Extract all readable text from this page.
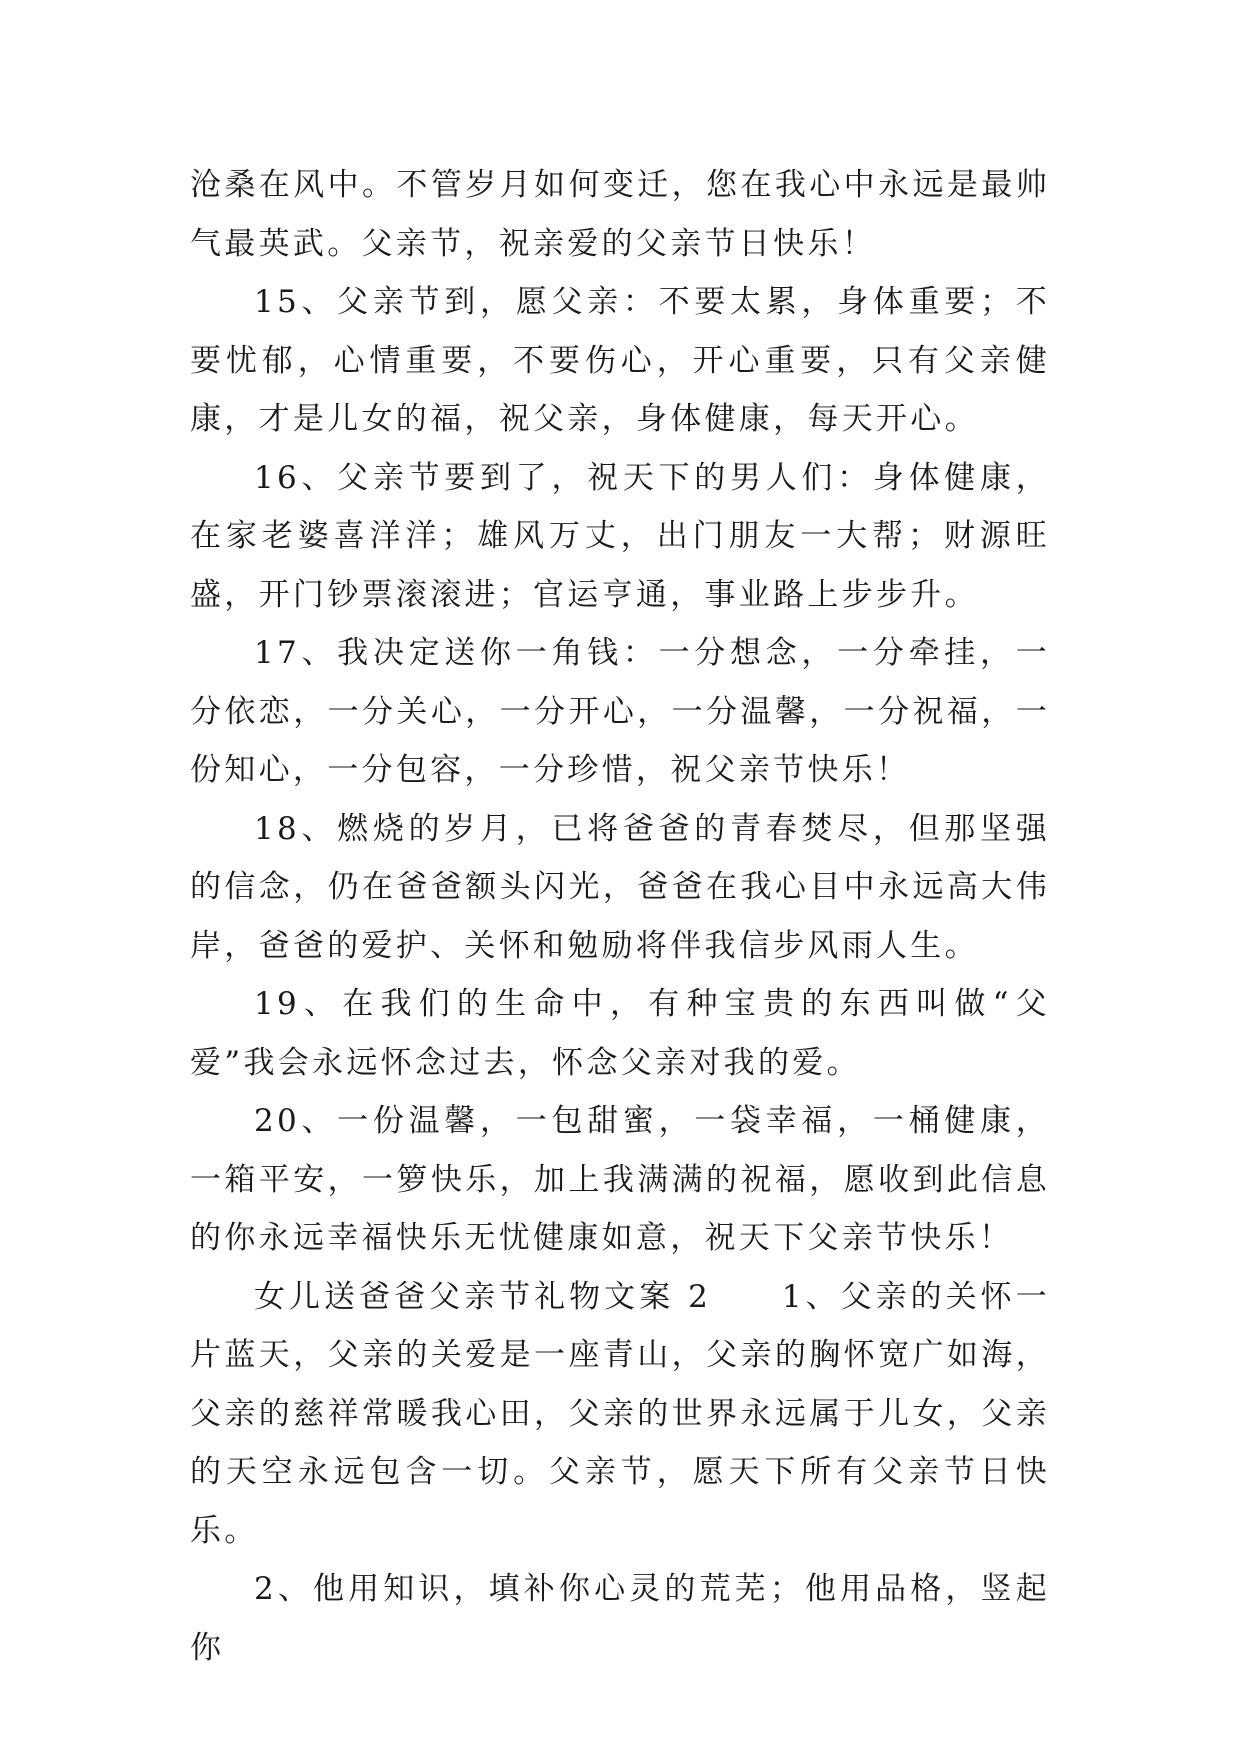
沧桑在风中。不管岁月如何变迁，您在我心中永远是最帅气最英武。父亲节，祝亲爱的父亲节日快乐！

15、父亲节到，愿父亲：不要太累，身体重要；不要忧郁，心情重要，不要伤心，开心重要，只有父亲健康，才是儿女的福，祝父亲，身体健康，每天开心。

16、父亲节要到了，祝天下的男人们：身体健康，在家老婆喜洋洋；雄风万丈，出门朋友一大帮；财源旺盛，开门钞票滚滚进；官运亨通，事业路上步步升。

17、我决定送你一角钱：一分想念，一分牵挂，一分依恋，一分关心，一分开心，一分温馨，一分祝福，一份知心，一分包容，一分珍惜，祝父亲节快乐！

18、燃烧的岁月，已将爸爸的青春焚尽，但那坚强的信念，仍在爸爸额头闪光，爸爸在我心目中永远高大伟岸，爸爸的爱护、关怀和勉励将伴我信步风雨人生。

19、在我们的生命中，有种宝贵的东西叫做“父爱”我会永远怀念过去，怀念父亲对我的爱。

20、一份温馨，一包甜蜜，一袋幸福，一桶健康，一箱平安，一箩快乐，加上我满满的祝福，愿收到此信息的你永远幸福快乐无忧健康如意，祝天下父亲节快乐！

女儿送爸爸父亲节礼物文案 2　　1、父亲的关怀一片蓝天，父亲的关爱是一座青山，父亲的胸怀宽广如海，父亲的慈祥常暖我心田，父亲的世界永远属于儿女，父亲的天空永远包含一切。父亲节，愿天下所有父亲节日快乐。

2、他用知识，填补你心灵的荒芜；他用品格，竖起你
